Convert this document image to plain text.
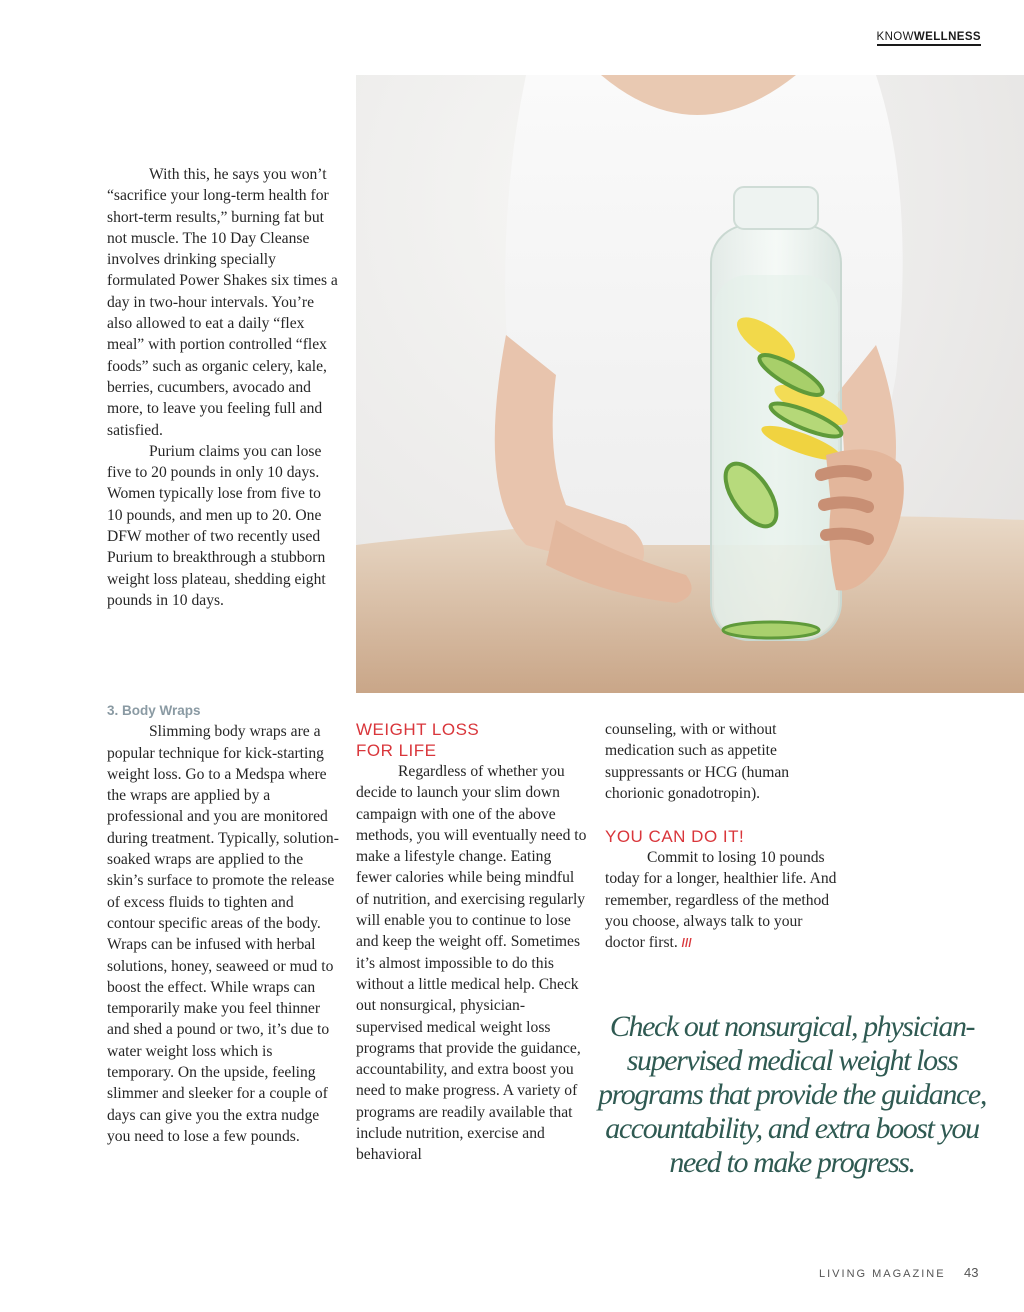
KNOWWELLNESS

With this, he says you won’t “sacrifice your long-term health for short-term results,” burning fat but not muscle. The 10 Day Cleanse involves drinking specially formulated Power Shakes six times a day in two-hour intervals. You’re also allowed to eat a daily “flex meal” with portion controlled “flex foods” such as organic celery, kale, berries, cucumbers, avocado and more, to leave you feeling full and satisfied.

Purium claims you can lose five to 20 pounds in only 10 days. Women typically lose from five to 10 pounds, and men up to 20. One DFW mother of two recently used Purium to breakthrough a stubborn weight loss plateau, shedding eight pounds in 10 days.

3. Body Wraps

Slimming body wraps are a popular technique for kick-starting weight loss. Go to a Medspa where the wraps are applied by a professional and you are monitored during treatment. Typically, solution-soaked wraps are applied to the skin’s surface to promote the release of excess fluids to tighten and contour specific areas of the body. Wraps can be infused with herbal solutions, honey, seaweed or mud to boost the effect. While wraps can temporarily make you feel thinner and shed a pound or two, it’s due to water weight loss which is temporary. On the upside, feeling slimmer and sleeker for a couple of days can give you the extra nudge you need to lose a few pounds.

WEIGHT LOSS
FOR LIFE

Regardless of whether you decide to launch your slim down campaign with one of the above methods, you will eventually need to make a lifestyle change. Eating fewer calories while being mindful of nutrition, and exercising regularly will enable you to continue to lose and keep the weight off. Sometimes it’s almost impossible to do this without a little medical help. Check out nonsurgical, physician-supervised medical weight loss programs that provide the guidance, accountability, and extra boost you need to make progress. A variety of programs are readily available that include nutrition, exercise and behavioral

counseling, with or without medication such as appetite suppressants or HCG (human chorionic gonadotropin).

YOU CAN DO IT!

Commit to losing 10 pounds today for a longer, healthier life. And remember, regardless of the method you choose, always talk to your doctor first. ///

Check out nonsurgical, physician-supervised medical weight loss programs that provide the guidance, accountability, and extra boost you need to make progress.
LIVING MAGAZINE 43
